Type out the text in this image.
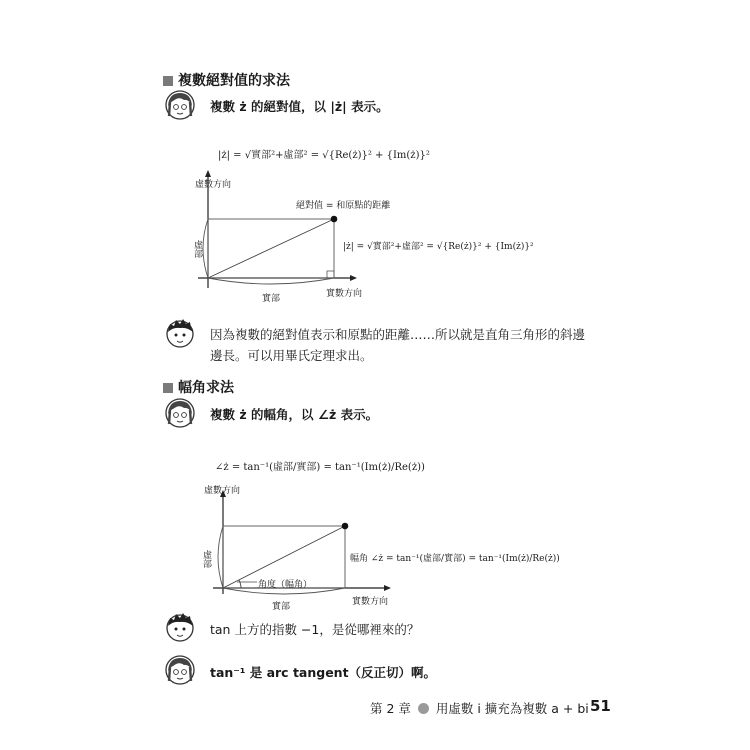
複數絕對值的求法
複數 ż 的絕對值，以 |ż| 表示。
|ż| = √實部²+虛部² = √{Re(ż)}² + {Im(ż)}²
虛數方向
絕對值 = 和原點的距離
虛部	|ż| = √實部²+虛部² = √{Re(ż)}² + {Im(ż)}²
實數方向
實部
因為複數的絕對值表示和原點的距離……所以就是直角三角形的斜邊
邊長。可以用畢氏定理求出。
幅角求法
複數 ż 的幅角，以 ∠ż 表示。
∠ż = tan⁻¹(虛部/實部) = tan⁻¹(Im(ż)/Re(ż))
虛數方向
虛部	幅角 ∠ż = tan⁻¹(虛部/實部) = tan⁻¹(Im(ż)/Re(ż))
角度（幅角）
實部	實數方向
tan 上方的指數 −1，是從哪裡來的？
tan⁻¹ 是 arc tangent（反正切）啊。
第 2 章 用虛數 i 擴充為複數 a + bi 51
